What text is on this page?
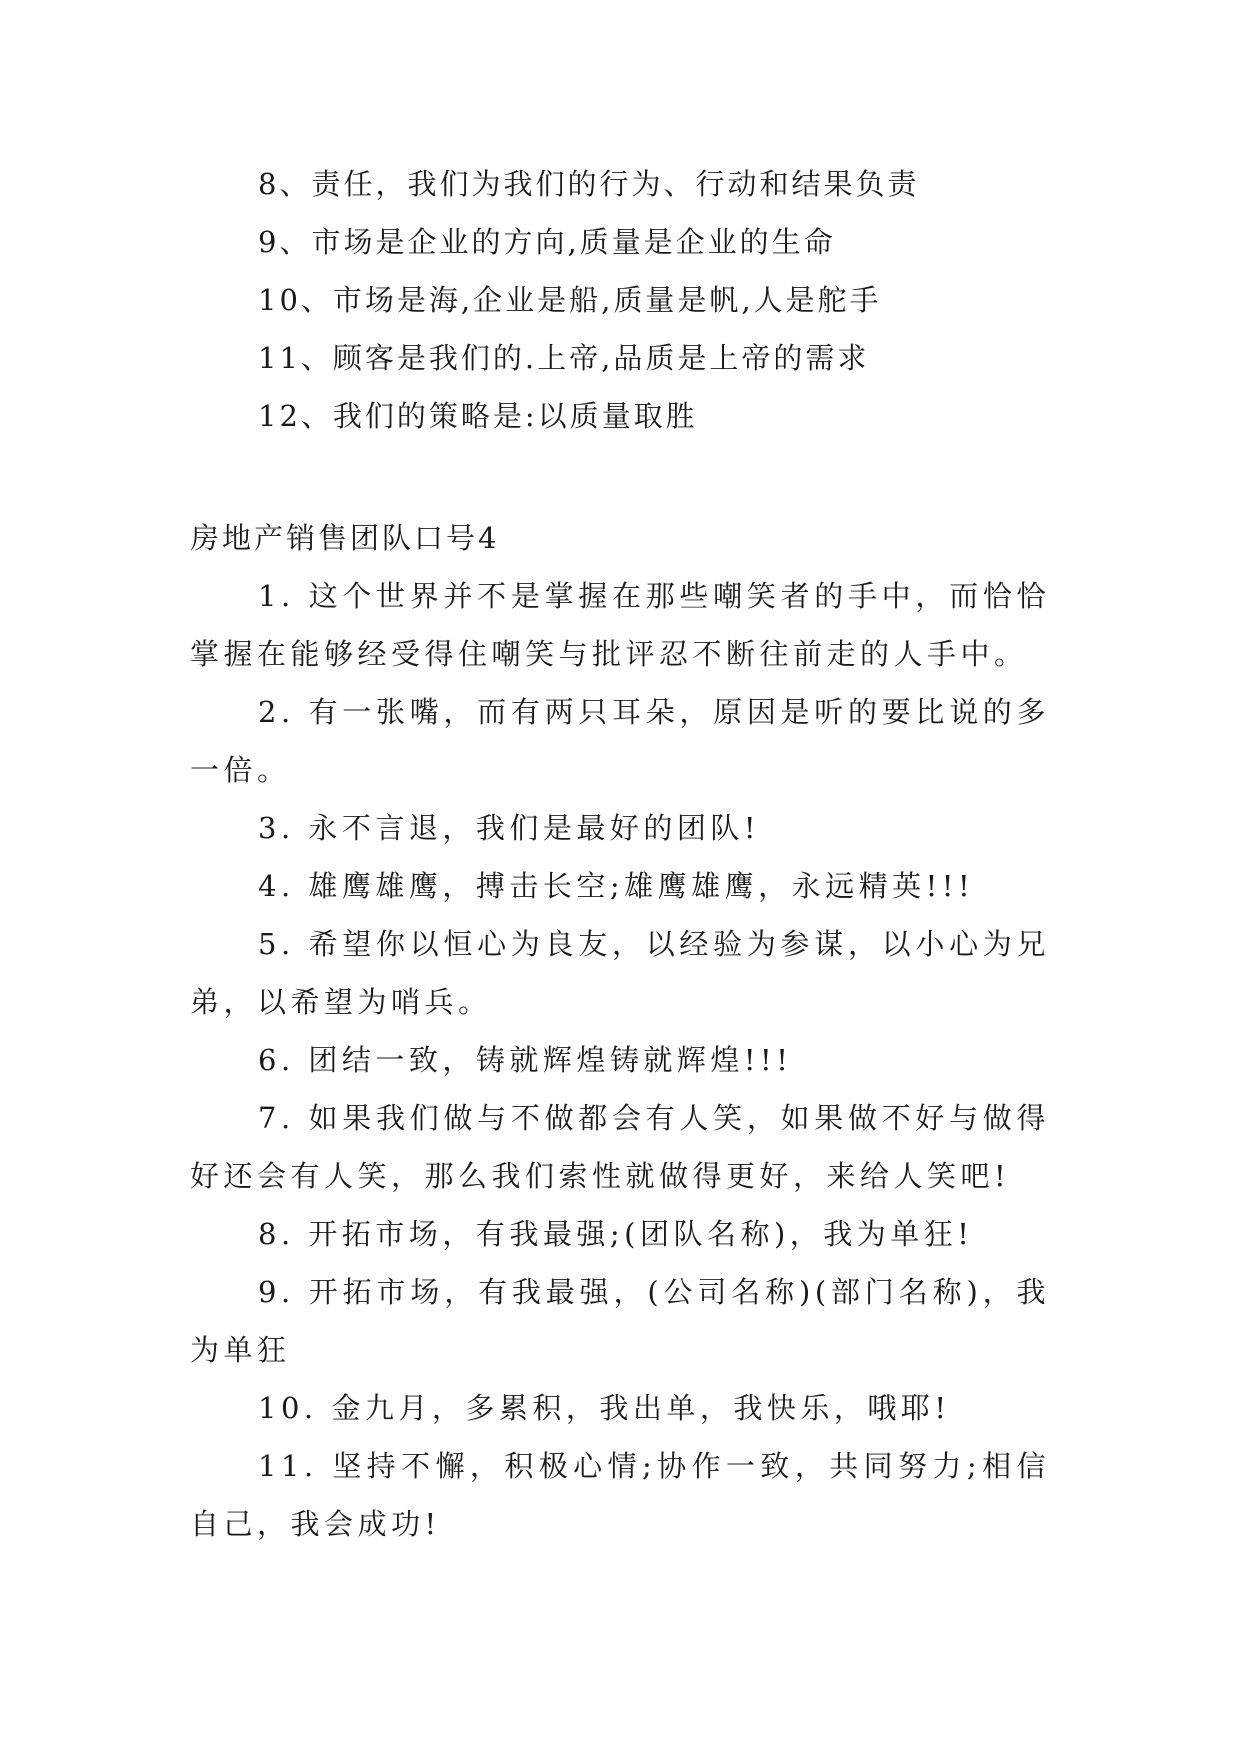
8、责任，我们为我们的行为、行动和结果负责
9、市场是企业的方向,质量是企业的生命
10、市场是海,企业是船,质量是帆,人是舵手
11、顾客是我们的.上帝,品质是上帝的需求
12、我们的策略是:以质量取胜
房地产销售团队口号4
1. 这个世界并不是掌握在那些嘲笑者的手中，而恰恰掌握在能够经受得住嘲笑与批评忍不断往前走的人手中。
2. 有一张嘴，而有两只耳朵，原因是听的要比说的多一倍。
3. 永不言退，我们是最好的团队!
4. 雄鹰雄鹰，搏击长空;雄鹰雄鹰，永远精英!!!
5. 希望你以恒心为良友，以经验为参谋，以小心为兄弟，以希望为哨兵。
6. 团结一致，铸就辉煌铸就辉煌!!!
7. 如果我们做与不做都会有人笑，如果做不好与做得好还会有人笑，那么我们索性就做得更好，来给人笑吧!
8. 开拓市场，有我最强;(团队名称)，我为单狂!
9. 开拓市场，有我最强，(公司名称)(部门名称)，我为单狂
10. 金九月，多累积，我出单，我快乐，哦耶!
11. 坚持不懈，积极心情;协作一致，共同努力;相信自己，我会成功!
